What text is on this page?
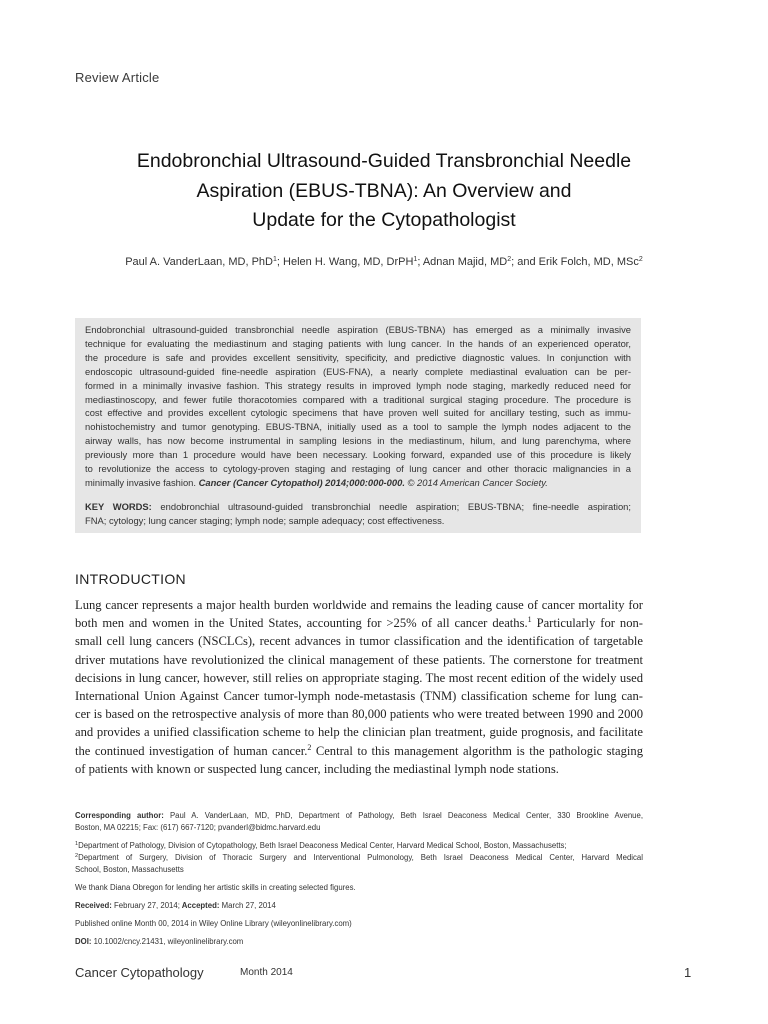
Review Article
Endobronchial Ultrasound-Guided Transbronchial Needle
Aspiration (EBUS-TBNA): An Overview and
Update for the Cytopathologist
Paul A. VanderLaan, MD, PhD$^1$; Helen H. Wang, MD, DrPH$^1$; Adnan Majid, $MD^2$; and Erik Folch, MD, MSc$^2$
Endobronchial ultrasound-guided transbronchial needle aspiration (EBUS-TBNA) has emerged as a minimally invasive
technique for evaluating the mediastinum and staging patients with lung cancer. In the hands of an experienced operator,
the procedure is safe and provides excellent sensitivity, specificity, and predictive diagnostic values. In conjunction with
endoscopic ultrasound-guided fine-needle aspiration (EUS-FNA), a nearly complete mediastinal evaluation can be per-
formed in a minimally invasive fashion. This strategy results in improved lymph node staging, markedly reduced need for
mediastinoscopy, and fewer futile thoracotomies compared with a traditional surgical staging procedure. The procedure is
cost effective and provides excellent cytologic specimens that have proven well suited for ancillary testing, such as immu-
nohistochemistry and tumor genotyping. EBUS-TBNA, initially used as a tool to sample the lymph nodes adjacent to the
airway walls, has now become instrumental in sampling lesions in the mediastinum, hilum, and lung parenchyma, where
previously more than 1 procedure would have been necessary. Looking forward, expanded use of this procedure is likely
to revolutionize the access to cytology-proven staging and restaging of lung cancer and other thoracic malignancies in a
minimally invasive fashion. Cancer (Cancer Cytopathol) 2014;000:000-000. © 2014 American Cancer Society.
KEY WORDS: endobronchial ultrasound-guided transbronchial needle aspiration; EBUS-TBNA; fine-needle aspiration;
FNA; cytology; lung cancer staging; lymph node; sample adequacy; cost effectiveness.
INTRODUCTION
Lung cancer represents a major health burden worldwide and remains the leading cause of cancer mortality for
both men and women in the United States, accounting for >25% of all cancer deaths.$^1$ Particularly for non-
small cell lung cancers (NSCLCs), recent advances in tumor classification and the identification of targetable
driver mutations have revolutionized the clinical management of these patients. The cornerstone for treatment
decisions in lung cancer, however, still relies on appropriate staging. The most recent edition of the widely used
International Union Against Cancer tumor-lymph node-metastasis (TNM) classification scheme for lung can-
cer is based on the retrospective analysis of more than 80,000 patients who were treated between 1990 and 2000
and provides a unified classification scheme to help the clinician plan treatment, guide prognosis, and facilitate
the continued investigation of human cancer.$^2$ Central to this management algorithm is the pathologic staging
of patients with known or suspected lung cancer, including the mediastinal lymph node stations.

Corresponding author: Paul A. VanderLaan, MD, PhD, Department of Pathology, Beth Israel Deaconess Medical Center, 330 Brookline Avenue,
Boston, MA 02215; Fax: (617) 667-7120; pvanderl@bidmc.harvard.edu

$^1$Department of Pathology, Division of Cytopathology, Beth Israel Deaconess Medical Center, Harvard Medical School, Boston, Massachusetts;
$^2$Department of Surgery, Division of Thoracic Surgery and Interventional Pulmonology, Beth Israel Deaconess Medical Center, Harvard Medical
School, Boston, Massachusetts

We thank Diana Obregon for lending her artistic skills in creating selected figures.

Received: February 27, 2014; Accepted: March 27, 2014

Published online Month 00, 2014 in Wiley Online Library (wileyonlinelibrary.com)

DOI: 10.1002/cncy.21431, wileyonlinelibrary.com

Cancer Cytopathology	Month 2014	1
